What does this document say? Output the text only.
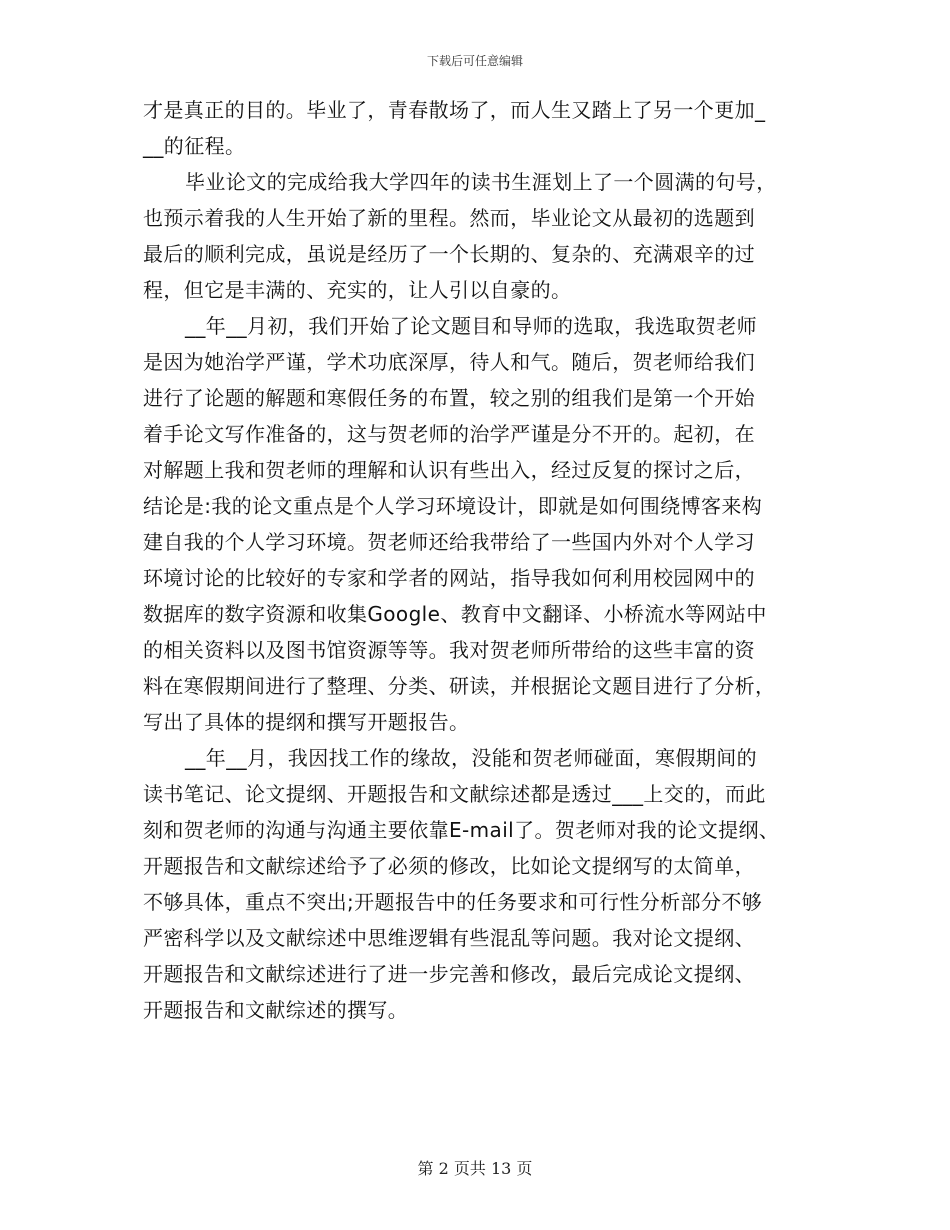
下载后可任意编辑
才是真正的目的。毕业了，青春散场了，而人生又踏上了另一个更加_
__的征程。
毕业论文的完成给我大学四年的读书生涯划上了一个圆满的句号，
也预示着我的人生开始了新的里程。然而，毕业论文从最初的选题到
最后的顺利完成，虽说是经历了一个长期的、复杂的、充满艰辛的过
程，但它是丰满的、充实的，让人引以自豪的。
__年__月初，我们开始了论文题目和导师的选取，我选取贺老师
是因为她治学严谨，学术功底深厚，待人和气。随后，贺老师给我们
进行了论题的解题和寒假任务的布置，较之别的组我们是第一个开始
着手论文写作准备的，这与贺老师的治学严谨是分不开的。起初，在
对解题上我和贺老师的理解和认识有些出入，经过反复的探讨之后，
结论是:我的论文重点是个人学习环境设计，即就是如何围绕博客来构
建自我的个人学习环境。贺老师还给我带给了一些国内外对个人学习
环境讨论的比较好的专家和学者的网站，指导我如何利用校园网中的
数据库的数字资源和收集Google、教育中文翻译、小桥流水等网站中
的相关资料以及图书馆资源等等。我对贺老师所带给的这些丰富的资
料在寒假期间进行了整理、分类、研读，并根据论文题目进行了分析，
写出了具体的提纲和撰写开题报告。
__年__月，我因找工作的缘故，没能和贺老师碰面，寒假期间的
读书笔记、论文提纲、开题报告和文献综述都是透过___上交的，而此
刻和贺老师的沟通与沟通主要依靠E-mail了。贺老师对我的论文提纲、
开题报告和文献综述给予了必须的修改，比如论文提纲写的太简单，
不够具体，重点不突出;开题报告中的任务要求和可行性分析部分不够
严密科学以及文献综述中思维逻辑有些混乱等问题。我对论文提纲、
开题报告和文献综述进行了进一步完善和修改，最后完成论文提纲、
开题报告和文献综述的撰写。
第 2 页共 13 页
